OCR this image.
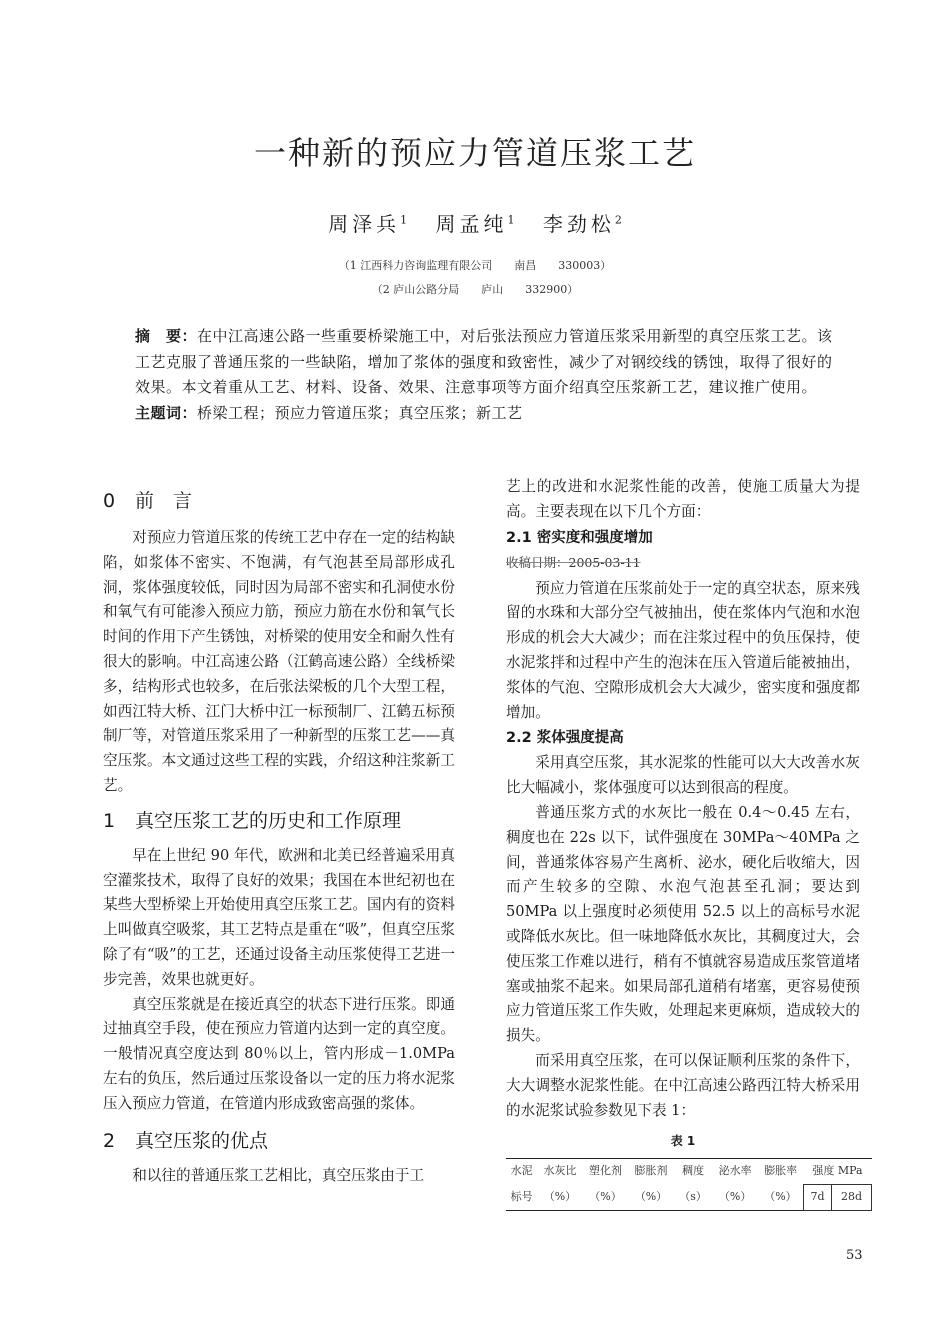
一种新的预应力管道压浆工艺
周泽兵$^1$ 周孟纯$^1$ 李劲松$^2$
（1 江西科力咨询监理有限公司　　南昌　　330003）
（2 庐山公路分局　　庐山　　332900）
摘　要：在中江高速公路一些重要桥梁施工中，对后张法预应力管道压浆采用新型的真空压浆工艺。该工艺克服了普通压浆的一些缺陷，增加了浆体的强度和致密性，减少了对钢绞线的锈蚀，取得了很好的效果。本文着重从工艺、材料、设备、效果、注意事项等方面介绍真空压浆新工艺，建议推广使用。
主题词：桥梁工程；预应力管道压浆；真空压浆；新工艺
0 前　言

对预应力管道压浆的传统工艺中存在一定的结构缺陷，如浆体不密实、不饱满，有气泡甚至局部形成孔洞，浆体强度较低，同时因为局部不密实和孔洞使水份和氧气有可能渗入预应力筋，预应力筋在水份和氧气长时间的作用下产生锈蚀，对桥梁的使用安全和耐久性有很大的影响。中江高速公路（江鹤高速公路）全线桥梁多，结构形式也较多，在后张法梁板的几个大型工程，如西江特大桥、江门大桥中江一标预制厂、江鹤五标预制厂等，对管道压浆采用了一种新型的压浆工艺——真空压浆。本文通过这些工程的实践，介绍这种注浆新工艺。

1 真空压浆工艺的历史和工作原理

早在上世纪 90 年代，欧洲和北美已经普遍采用真空灌浆技术，取得了良好的效果；我国在本世纪初也在某些大型桥梁上开始使用真空压浆工艺。国内有的资料上叫做真空吸浆，其工艺特点是重在“吸”，但真空压浆除了有“吸”的工艺，还通过设备主动压浆使得工艺进一步完善，效果也就更好。

真空压浆就是在接近真空的状态下进行压浆。即通过抽真空手段，使在预应力管道内达到一定的真空度。一般情况真空度达到 80％以上，管内形成－1.0MPa 左右的负压，然后通过压浆设备以一定的压力将水泥浆压入预应力管道，在管道内形成致密高强的浆体。

2 真空压浆的优点

和以往的普通压浆工艺相比，真空压浆由于工

艺上的改进和水泥浆性能的改善，使施工质量大为提高。主要表现在以下几个方面：

2.1 密实度和强度增加
收稿日期：2005-03-11

预应力管道在压浆前处于一定的真空状态，原来残留的水珠和大部分空气被抽出，使在浆体内气泡和水泡形成的机会大大减少；而在注浆过程中的负压保持，使水泥浆拌和过程中产生的泡沫在压入管道后能被抽出，浆体的气泡、空隙形成机会大大减少，密实度和强度都增加。

2.2 浆体强度提高

采用真空压浆，其水泥浆的性能可以大大改善水灰比大幅减小，浆体强度可以达到很高的程度。

普通压浆方式的水灰比一般在 0.4～0.45 左右，稠度也在 22s 以下，试件强度在 30MPa～40MPa 之间，普通浆体容易产生离析、泌水，硬化后收缩大，因而产生较多的空隙、水泡气泡甚至孔洞；要达到 50MPa 以上强度时必须使用 52.5 以上的高标号水泥或降低水灰比。但一味地降低水灰比，其稠度过大，会使压浆工作难以进行，稍有不慎就容易造成压浆管道堵塞或抽浆不起来。如果局部孔道稍有堵塞，更容易使预应力管道压浆工作失败，处理起来更麻烦，造成较大的损失。

而采用真空压浆，在可以保证顺利压浆的条件下，大大调整水泥浆性能。在中江高速公路西江特大桥采用的水泥浆试验参数见下表 1：

表 1
水泥	水灰比	塑化剂	膨胀剂	稠度	泌水率	膨胀率	强度 MPa	
标号	（%）	（%）	（%）	（s）	（%）	（%）	7d	28d
53
